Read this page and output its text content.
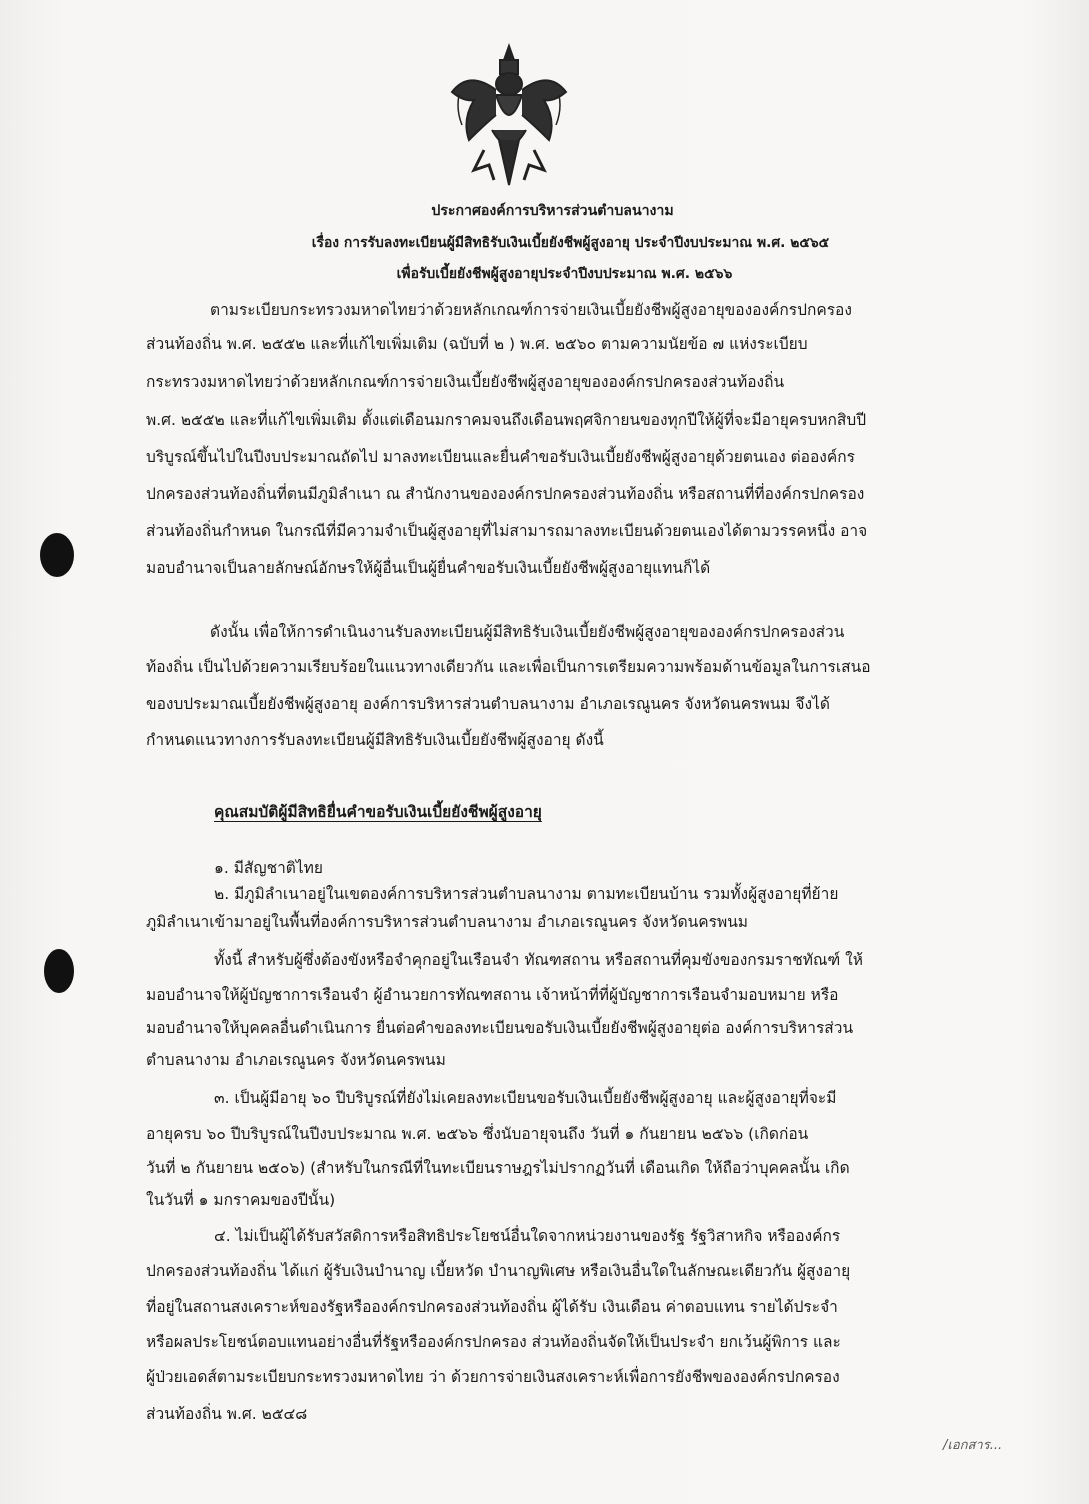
ประกาศองค์การบริหารส่วนตำบลนางาม
เรื่อง การรับลงทะเบียนผู้มีสิทธิรับเงินเบี้ยยังชีพผู้สูงอายุ ประจำปีงบประมาณ พ.ศ. ๒๕๖๕
เพื่อรับเบี้ยยังชีพผู้สูงอายุประจำปีงบประมาณ พ.ศ. ๒๕๖๖
ตามระเบียบกระทรวงมหาดไทยว่าด้วยหลักเกณฑ์การจ่ายเงินเบี้ยยังชีพผู้สูงอายุขององค์กรปกครอง
ส่วนท้องถิ่น พ.ศ. ๒๕๕๒ และที่แก้ไขเพิ่มเติม (ฉบับที่ ๒ ) พ.ศ. ๒๕๖๐ ตามความนัยข้อ ๗ แห่งระเบียบ
กระทรวงมหาดไทยว่าด้วยหลักเกณฑ์การจ่ายเงินเบี้ยยังชีพผู้สูงอายุขององค์กรปกครองส่วนท้องถิ่น
พ.ศ. ๒๕๕๒ และที่แก้ไขเพิ่มเติม ตั้งแต่เดือนมกราคมจนถึงเดือนพฤศจิกายนของทุกปีให้ผู้ที่จะมีอายุครบหกสิบปี
บริบูรณ์ขึ้นไปในปีงบประมาณถัดไป มาลงทะเบียนและยื่นคำขอรับเงินเบี้ยยังชีพผู้สูงอายุด้วยตนเอง ต่อองค์กร
ปกครองส่วนท้องถิ่นที่ตนมีภูมิลำเนา ณ สำนักงานขององค์กรปกครองส่วนท้องถิ่น หรือสถานที่ที่องค์กรปกครอง
ส่วนท้องถิ่นกำหนด ในกรณีที่มีความจำเป็นผู้สูงอายุที่ไม่สามารถมาลงทะเบียนด้วยตนเองได้ตามวรรคหนึ่ง อาจ
มอบอำนาจเป็นลายลักษณ์อักษรให้ผู้อื่นเป็นผู้ยื่นคำขอรับเงินเบี้ยยังชีพผู้สูงอายุแทนก็ได้
ดังนั้น เพื่อให้การดำเนินงานรับลงทะเบียนผู้มีสิทธิรับเงินเบี้ยยังชีพผู้สูงอายุขององค์กรปกครองส่วน
ท้องถิ่น เป็นไปด้วยความเรียบร้อยในแนวทางเดียวกัน และเพื่อเป็นการเตรียมความพร้อมด้านข้อมูลในการเสนอ
ของบประมาณเบี้ยยังชีพผู้สูงอายุ องค์การบริหารส่วนตำบลนางาม อำเภอเรณูนคร จังหวัดนครพนม จึงได้
กำหนดแนวทางการรับลงทะเบียนผู้มีสิทธิรับเงินเบี้ยยังชีพผู้สูงอายุ ดังนี้
คุณสมบัติผู้มีสิทธิยื่นคำขอรับเงินเบี้ยยังชีพผู้สูงอายุ
๑. มีสัญชาติไทย
๒. มีภูมิลำเนาอยู่ในเขตองค์การบริหารส่วนตำบลนางาม ตามทะเบียนบ้าน รวมทั้งผู้สูงอายุที่ย้าย
ภูมิลำเนาเข้ามาอยู่ในพื้นที่องค์การบริหารส่วนตำบลนางาม อำเภอเรณูนคร จังหวัดนครพนม
ทั้งนี้ สำหรับผู้ซึ่งต้องขังหรือจำคุกอยู่ในเรือนจำ ทัณฑสถาน หรือสถานที่คุมขังของกรมราชทัณฑ์ ให้
มอบอำนาจให้ผู้บัญชาการเรือนจำ ผู้อำนวยการทัณฑสถาน เจ้าหน้าที่ที่ผู้บัญชาการเรือนจำมอบหมาย หรือ
มอบอำนาจให้บุคคลอื่นดำเนินการ ยื่นต่อคำขอลงทะเบียนขอรับเงินเบี้ยยังชีพผู้สูงอายุต่อ องค์การบริหารส่วน
ตำบลนางาม อำเภอเรณูนคร จังหวัดนครพนม
๓. เป็นผู้มีอายุ ๖๐ ปีบริบูรณ์ที่ยังไม่เคยลงทะเบียนขอรับเงินเบี้ยยังชีพผู้สูงอายุ และผู้สูงอายุที่จะมี
อายุครบ ๖๐ ปีบริบูรณ์ในปีงบประมาณ พ.ศ. ๒๕๖๖ ซึ่งนับอายุจนถึง วันที่ ๑ กันยายน ๒๕๖๖ (เกิดก่อน
วันที่ ๒ กันยายน ๒๕๐๖) (สำหรับในกรณีที่ในทะเบียนราษฎรไม่ปรากฏวันที่ เดือนเกิด ให้ถือว่าบุคคลนั้น เกิด
ในวันที่ ๑ มกราคมของปีนั้น)
๔. ไม่เป็นผู้ได้รับสวัสดิการหรือสิทธิประโยชน์อื่นใดจากหน่วยงานของรัฐ รัฐวิสาหกิจ หรือองค์กร
ปกครองส่วนท้องถิ่น ได้แก่ ผู้รับเงินบำนาญ เบี้ยหวัด บำนาญพิเศษ หรือเงินอื่นใดในลักษณะเดียวกัน ผู้สูงอายุ
ที่อยู่ในสถานสงเคราะห์ของรัฐหรือองค์กรปกครองส่วนท้องถิ่น ผู้ได้รับ เงินเดือน ค่าตอบแทน รายได้ประจำ
หรือผลประโยชน์ตอบแทนอย่างอื่นที่รัฐหรือองค์กรปกครอง ส่วนท้องถิ่นจัดให้เป็นประจำ ยกเว้นผู้พิการ และ
ผู้ป่วยเอดส์ตามระเบียบกระทรวงมหาดไทย ว่า ด้วยการจ่ายเงินสงเคราะห์เพื่อการยังชีพขององค์กรปกครอง
ส่วนท้องถิ่น พ.ศ. ๒๕๔๘
/เอกสาร...
